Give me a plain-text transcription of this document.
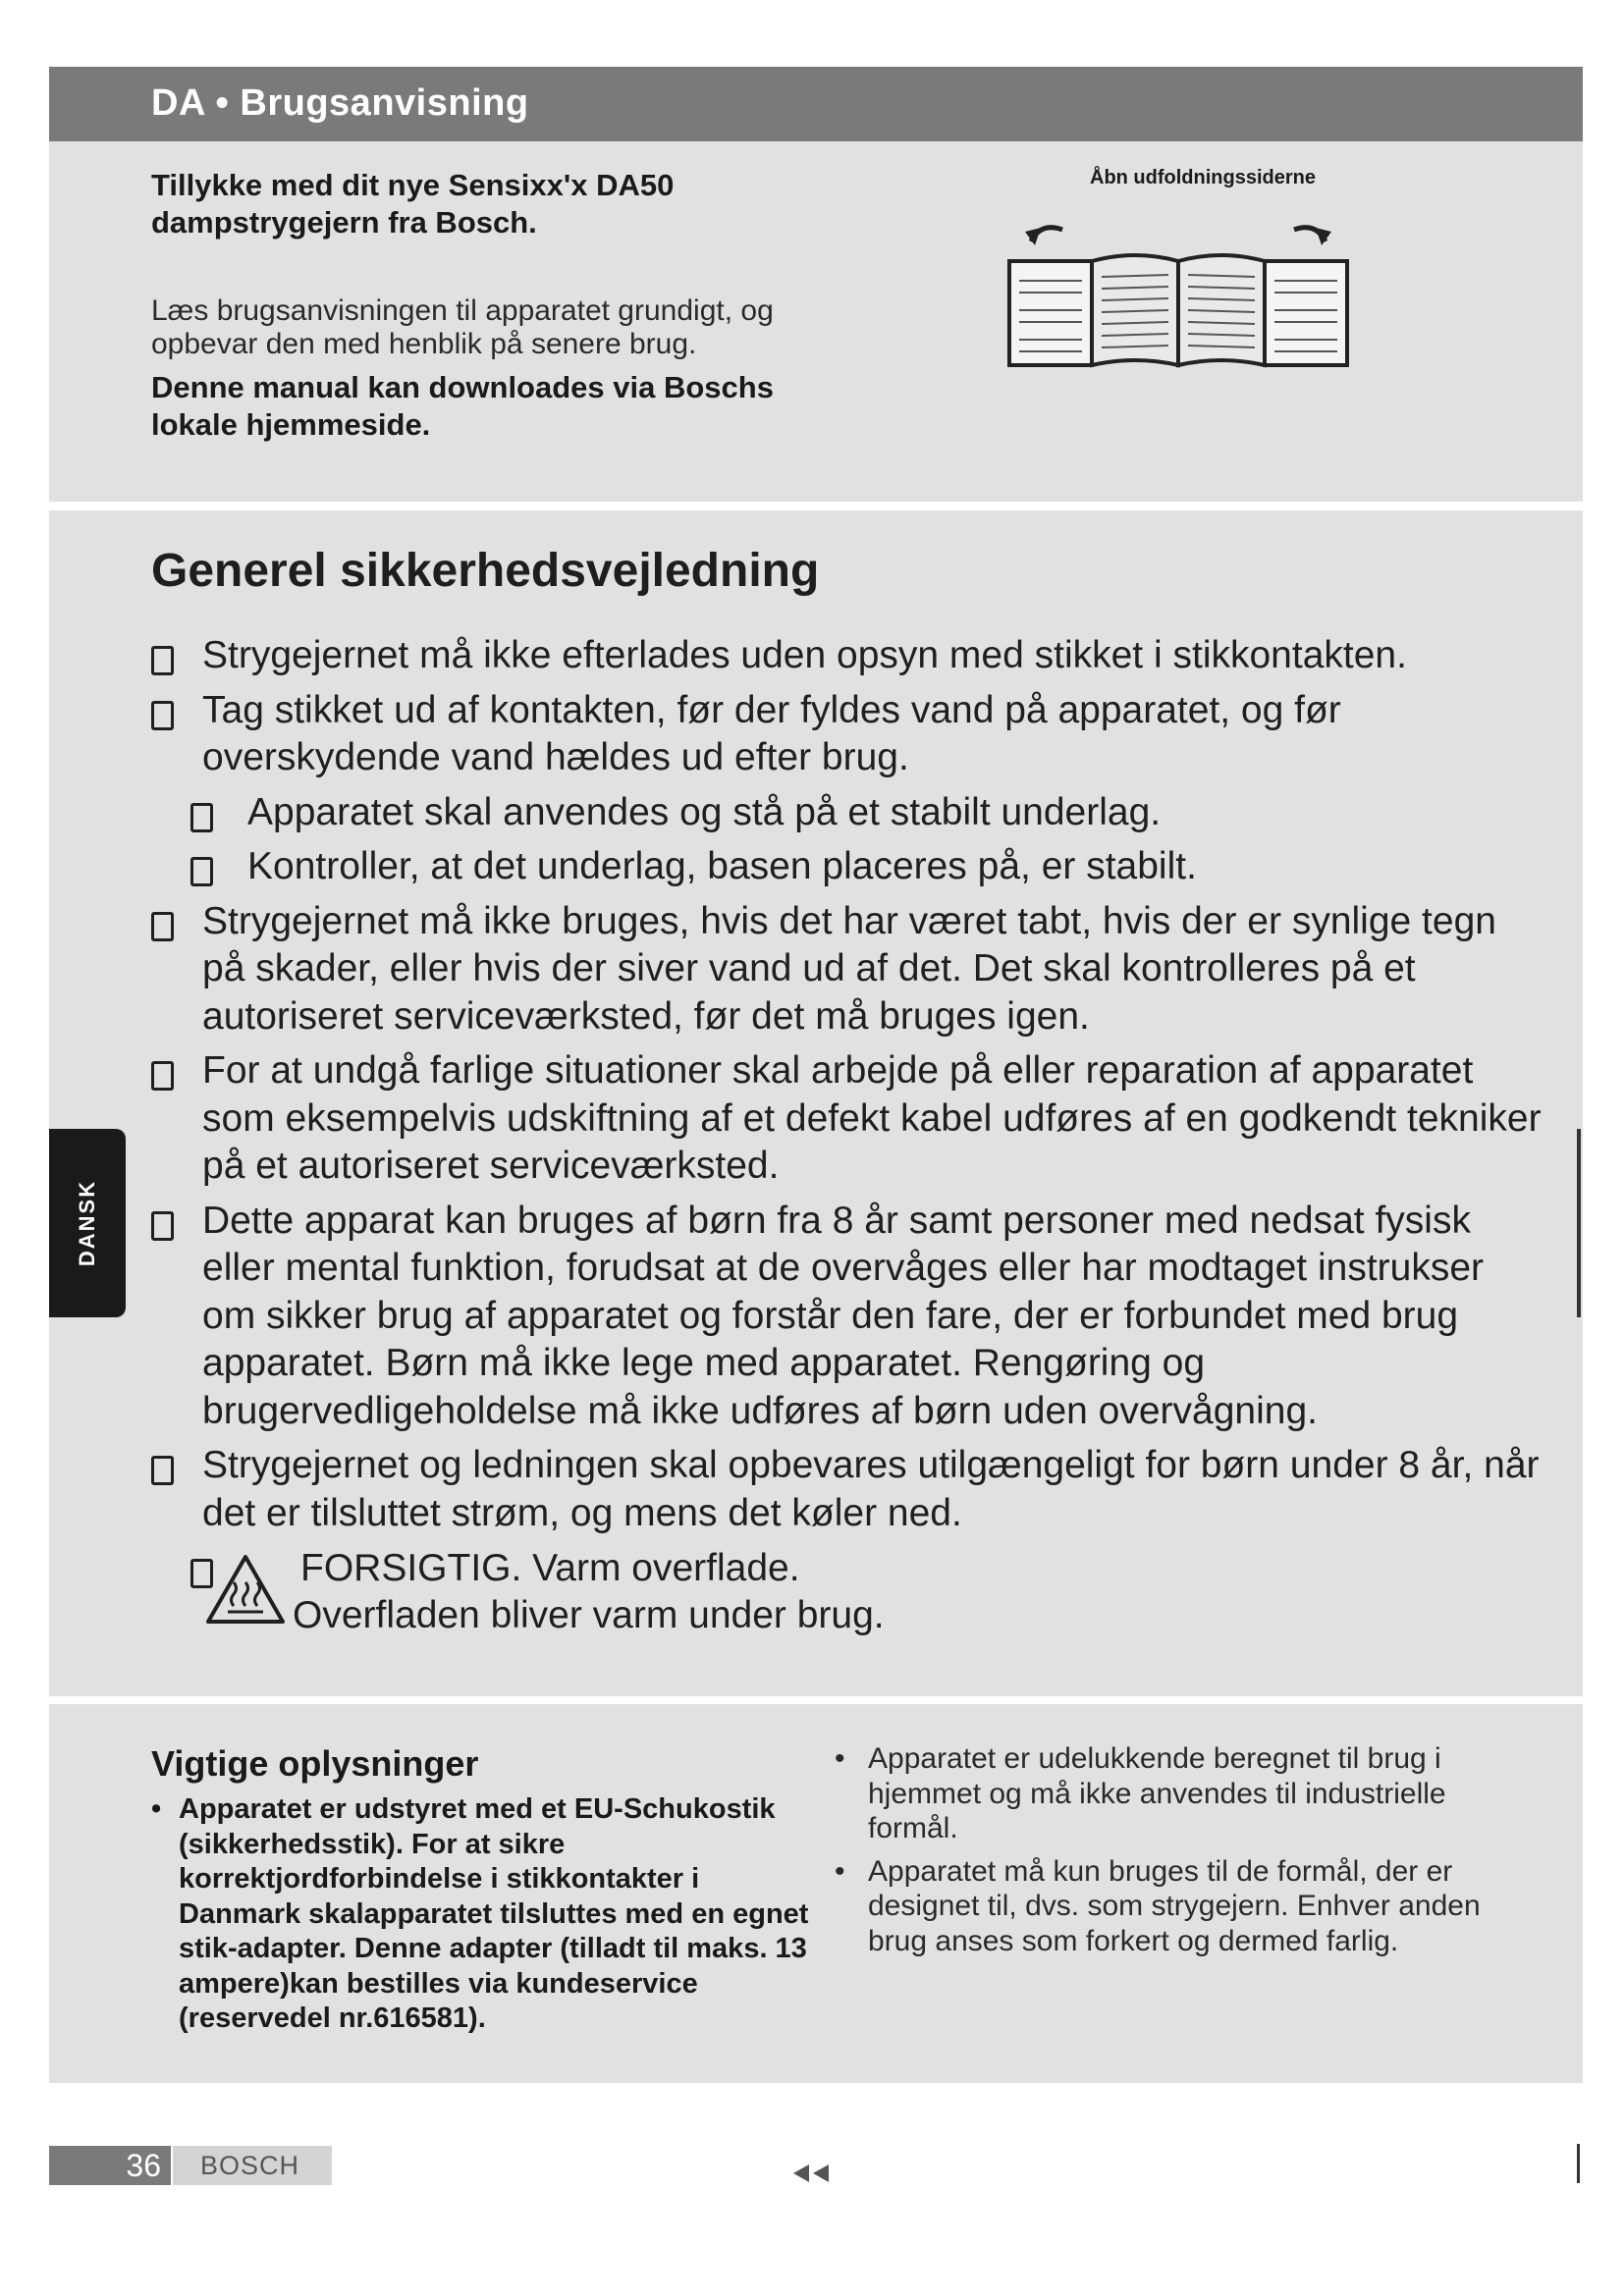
DA • Brugsanvisning
Tillykke med dit nye Sensixx'x DA50 dampstrygejern fra Bosch.
Læs brugsanvisningen til apparatet grundigt, og opbevar den med henblik på senere brug.
Denne manual kan downloades via Boschs lokale hjemmeside.
Åbn udfoldningssiderne
Generel sikkerhedsvejledning
Strygejernet må ikke efterlades uden opsyn med stikket i stikkontakten.
Tag stikket ud af kontakten, før der fyldes vand på apparatet, og før overskydende vand hældes ud efter brug.
Apparatet skal anvendes og stå på et stabilt underlag.
Kontroller, at det underlag, basen placeres på, er stabilt.
Strygejernet må ikke bruges, hvis det har været tabt, hvis der er synlige tegn på skader, eller hvis der siver vand ud af det. Det skal kontrolleres på et autoriseret serviceværksted, før det må bruges igen.
For at undgå farlige situationer skal arbejde på eller reparation af apparatet som eksempelvis udskiftning af et defekt kabel udføres af en godkendt tekniker på et autoriseret serviceværksted.
Dette apparat kan bruges af børn fra 8 år samt personer med nedsat fysisk eller mental funktion, forudsat at de overvåges eller har modtaget instrukser om sikker brug af apparatet og forstår den fare, der er forbundet med brug apparatet. Børn må ikke lege med apparatet. Rengøring og brugervedligeholdelse må ikke udføres af børn uden overvågning.
Strygejernet og ledningen skal opbevares utilgængeligt for børn under 8 år, når det er tilsluttet strøm, og mens det køler ned.
FORSIGTIG. Varm overflade.
Overfladen bliver varm under brug.
Vigtige oplysninger
• Apparatet er udstyret med et EU-Schukostik (sikkerhedsstik). For at sikre korrektjordforbindelse i stikkontakter i Danmark skalapparatet tilsluttes med en egnet stik-adapter. Denne adapter (tilladt til maks. 13 ampere)kan bestilles via kundeservice (reservedel nr.616581).
• Apparatet er udelukkende beregnet til brug i hjemmet og må ikke anvendes til industrielle formål.
• Apparatet må kun bruges til de formål, der er designet til, dvs. som strygejern. Enhver anden brug anses som forkert og dermed farlig.
DANSK
36 BOSCH
